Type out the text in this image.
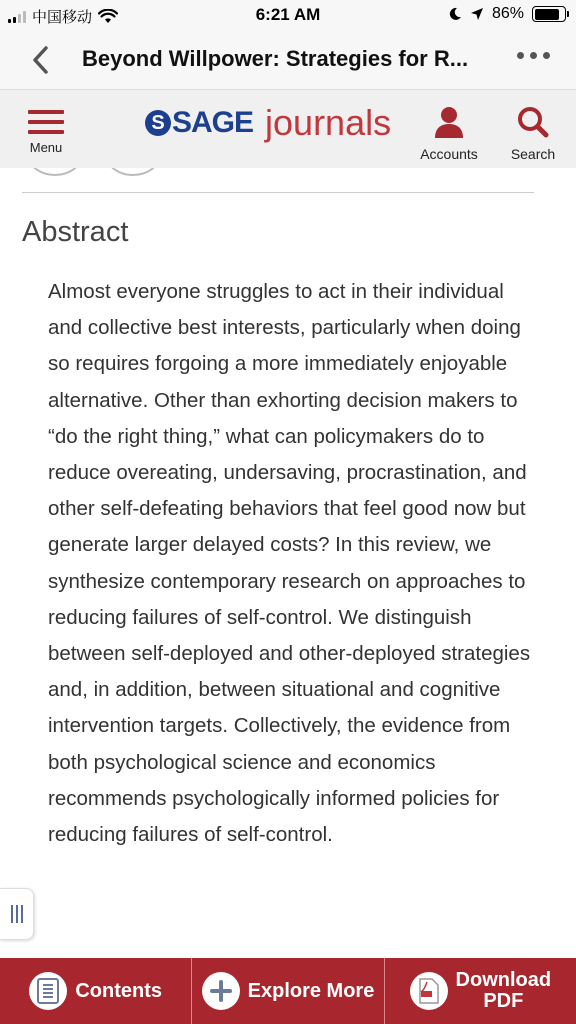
中国移动	6:21 AM	86%
Beyond Willpower: Strategies for R...
Menu
S SAGE journals
Accounts Search
Abstract

Almost everyone struggles to act in their individual and collective best interests, particularly when doing so requires forgoing a more immediately enjoyable alternative. Other than exhorting decision makers to “do the right thing,” what can policymakers do to reduce overeating, undersaving, procrastination, and other self-defeating behaviors that feel good now but generate larger delayed costs? In this review, we synthesize contemporary research on approaches to reducing failures of self-control. We distinguish between self-deployed and other-deployed strategies and, in addition, between situational and cognitive intervention targets. Collectively, the evidence from both psychological science and economics recommends psychologically informed policies for reducing failures of self-control.

Contents	Explore More	Download
PDF
